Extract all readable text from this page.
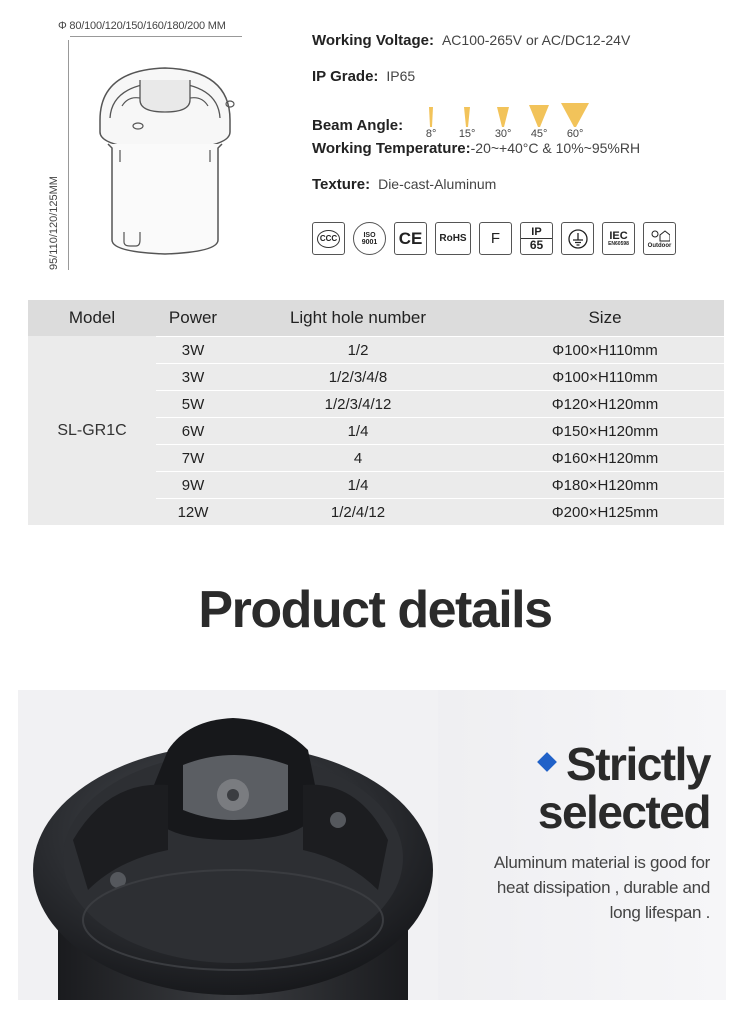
Φ 80/100/120/150/160/180/200 MM
95/110/120/125MM
Working Voltage: AC100-265V or AC/DC12-24V
IP Grade: IP65
Beam Angle: 8° 15° 30° 45° 60°
Working Temperature: -20~+40°C & 10%~95%RH
Texture: Die-cast-Aluminum
CCC	ISO
9001 CE RoHS F	IP
65
IEC
EN60598	Outdoor
Model	Power	Light hole number	Size
SL-GR1C
3W	1/2	Φ100×H110mm
3W	1/2/3/4/8	Φ100×H110mm
5W	1/2/3/4/12	Φ120×H120mm
6W	1/4	Φ150×H120mm
7W	4	Φ160×H120mm
9W	1/4	Φ180×H120mm
12W	1/2/4/12	Φ200×H125mm
Product details
Strictly
selected
Aluminum material is good for
heat dissipation , durable and
long lifespan .
